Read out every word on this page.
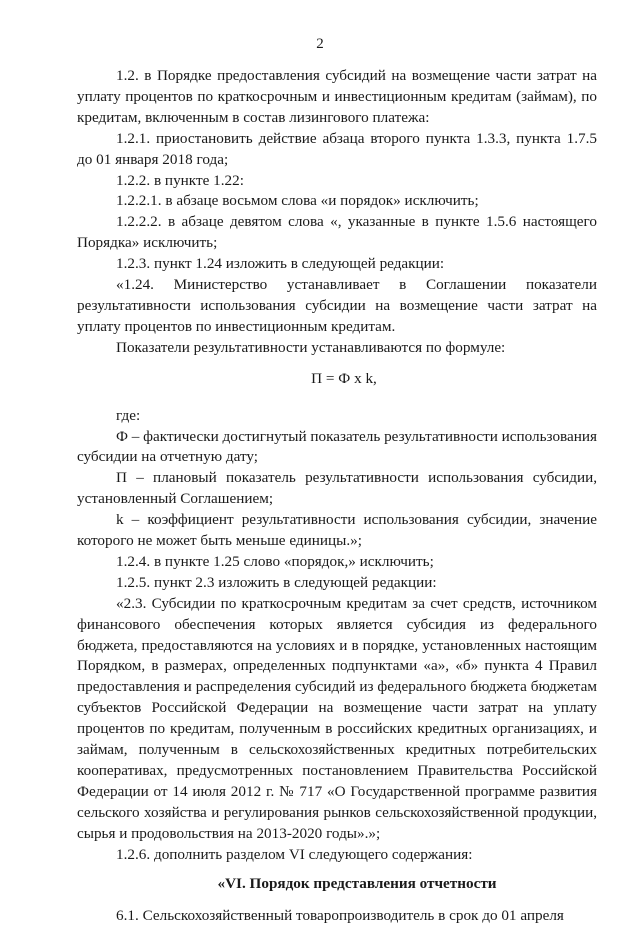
2

1.2. в Порядке предоставления субсидий на возмещение части затрат на уплату процентов по краткосрочным и инвестиционным кредитам (займам), по кредитам, включенным в состав лизингового платежа:

1.2.1. приостановить действие абзаца второго пункта 1.3.3, пункта 1.7.5 до 01 января 2018 года;

1.2.2. в пункте 1.22:

1.2.2.1. в абзаце восьмом слова «и порядок» исключить;

1.2.2.2. в абзаце девятом слова «, указанные в пункте 1.5.6 настоящего Порядка» исключить;

1.2.3. пункт 1.24 изложить в следующей редакции:

«1.24. Министерство устанавливает в Соглашении показатели результативности использования субсидии на возмещение части затрат на уплату процентов по инвестиционным кредитам.

Показатели результативности устанавливаются по формуле:

П = Ф x k,

где:

Ф – фактически достигнутый показатель результативности использования субсидии на отчетную дату;

П – плановый показатель результативности использования субсидии, установленный Соглашением;

k – коэффициент результативности использования субсидии, значение которого не может быть меньше единицы.»;

1.2.4. в пункте 1.25 слово «порядок,» исключить;

1.2.5. пункт 2.3 изложить в следующей редакции:

«2.3. Субсидии по краткосрочным кредитам за счет средств, источником финансового обеспечения которых является субсидия из федерального бюджета, предоставляются на условиях и в порядке, установленных настоящим Порядком, в размерах, определенных подпунктами «а», «б» пункта 4 Правил предоставления и распределения субсидий из федерального бюджета бюджетам субъектов Российской Федерации на возмещение части затрат на уплату процентов по кредитам, полученным в российских кредитных организациях, и займам, полученным в сельскохозяйственных кредитных потребительских кооперативах, предусмотренных постановлением Правительства Российской Федерации от 14 июля 2012 г. № 717 «О Государственной программе развития сельского хозяйства и регулирования рынков сельскохозяйственной продукции, сырья и продовольствия на 2013-2020 годы».»;

1.2.6. дополнить разделом VI следующего содержания:

«VI. Порядок представления отчетности

6.1. Сельскохозяйственный товаропроизводитель в срок до 01 апреля
